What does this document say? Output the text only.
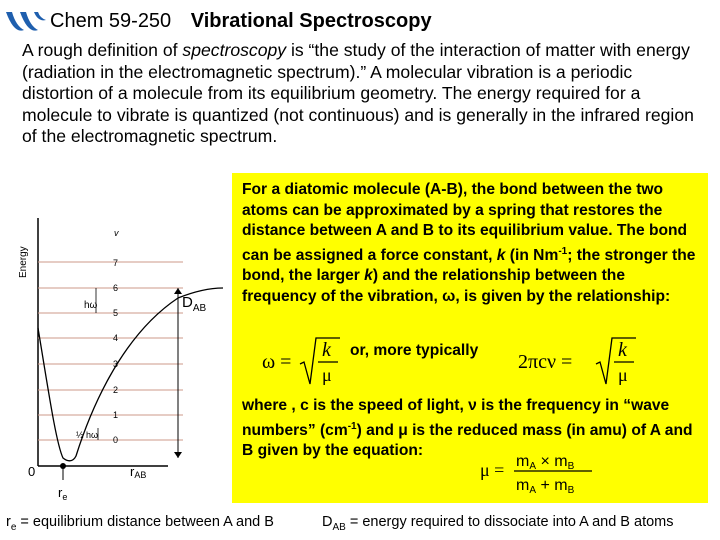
Chem 59-250 Vibrational Spectroscopy
A rough definition of spectroscopy is “the study of the interaction of matter with energy (radiation in the electromagnetic spectrum).” A molecular vibration is a periodic distortion of a molecule from its equilibrium geometry. The energy required for a molecule to vibrate is quantized (not continuous) and is generally in the infrared region of the electromagnetic spectrum.
Energy
v
7
6
5
4
3
2
1
0
hω
½ hω
0	rAB
$r_e$
$D_{AB}$
For a diatomic molecule (A-B), the bond between the two atoms can be approximated by a spring that restores the distance between A and B to its equilibrium value. The bond can be assigned a force constant, k (in $Nm^{-1}$; the stronger the bond, the larger k) and the relationship between the frequency of the vibration, ω, is given by the relationship:
ω =
k
μ
or, more typically
2πcν =
k
μ
where , c is the speed of light, ν is the frequency in “wave numbers” $(cm^{-1})$ and μ is the reduced mass (in amu) of A and B given by the equation:
μ = mA × mB
mA + mB
$r_e$ = equilibrium distance between A and B	$D_{AB}$ = energy required to dissociate into A and B atoms
